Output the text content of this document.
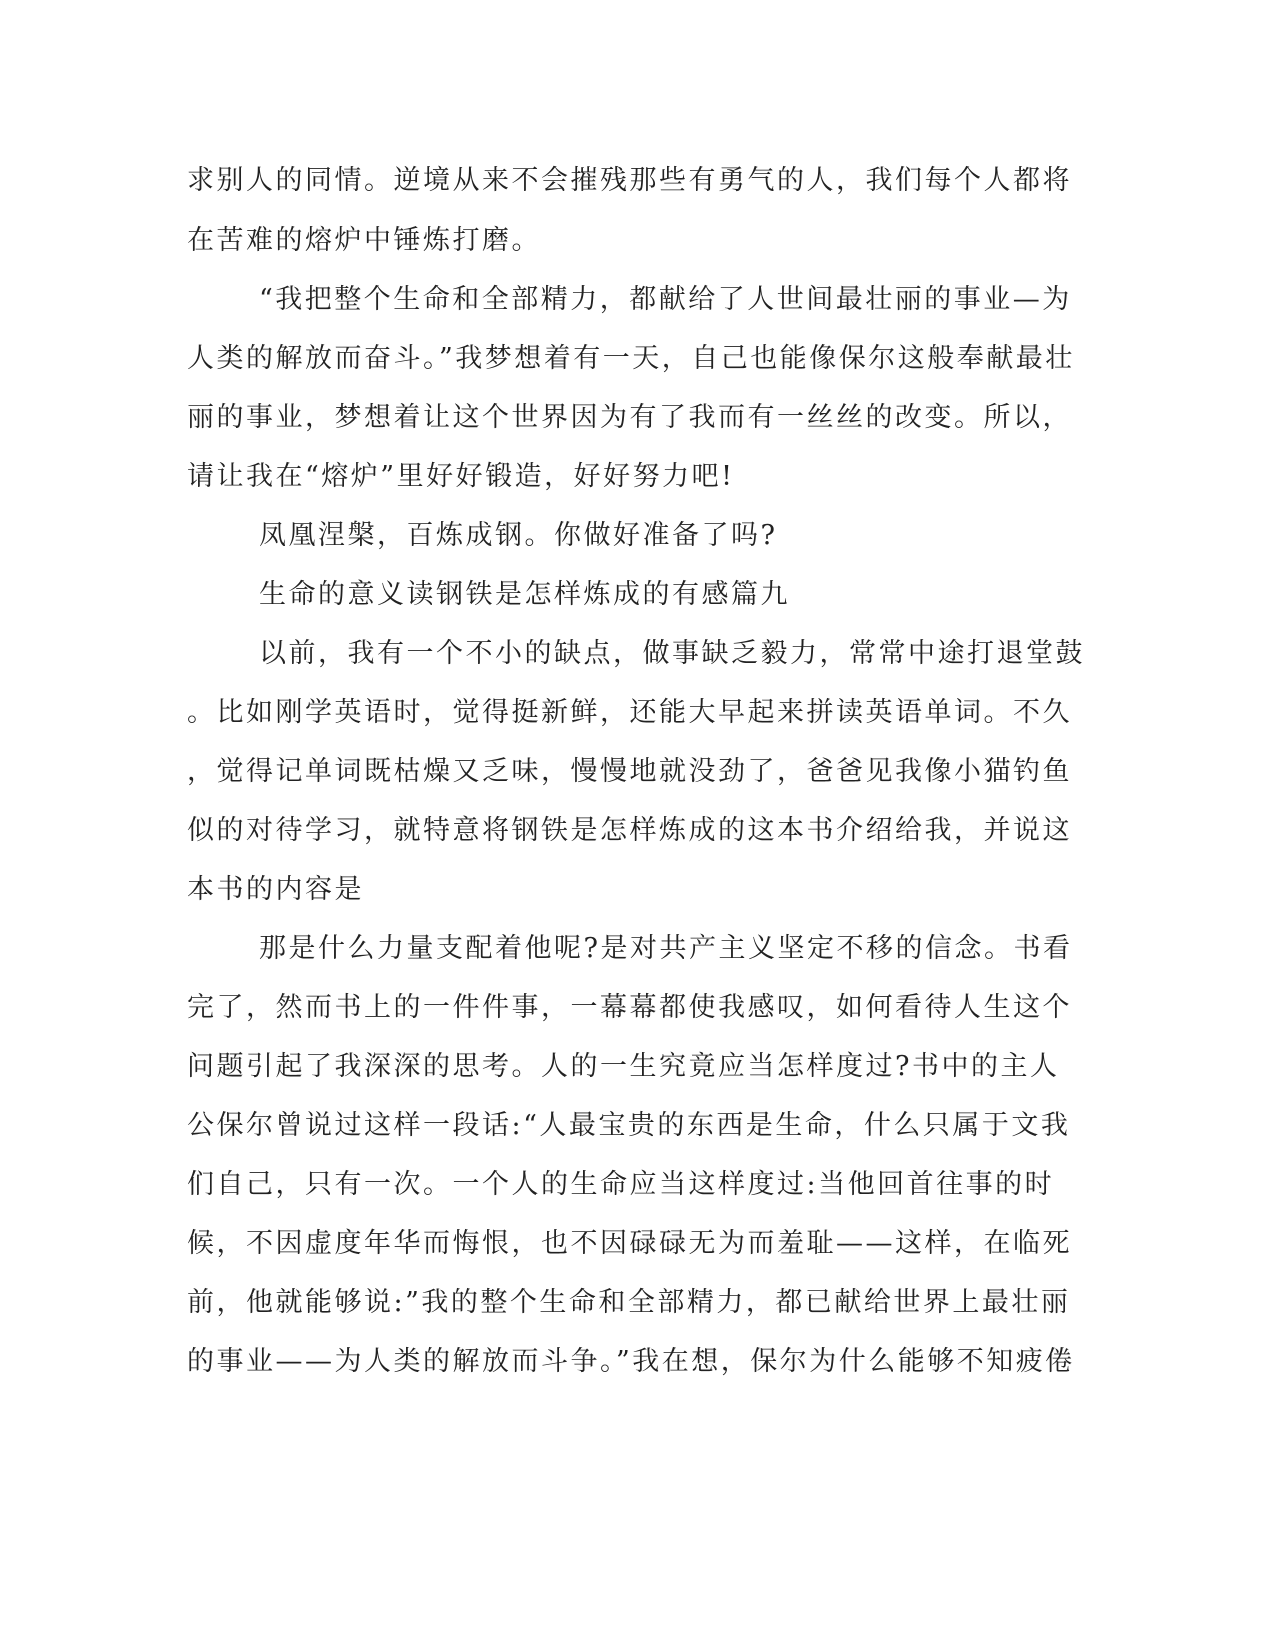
求别人的同情。逆境从来不会摧残那些有勇气的人，我们每个人都将
在苦难的熔炉中锤炼打磨。
“我把整个生命和全部精力，都献给了人世间最壮丽的事业—为
人类的解放而奋斗。”我梦想着有一天，自己也能像保尔这般奉献最壮
丽的事业，梦想着让这个世界因为有了我而有一丝丝的改变。所以，
请让我在“熔炉”里好好锻造，好好努力吧!
凤凰涅槃，百炼成钢。你做好准备了吗?
生命的意义读钢铁是怎样炼成的有感篇九
以前，我有一个不小的缺点，做事缺乏毅力，常常中途打退堂鼓
。比如刚学英语时，觉得挺新鲜，还能大早起来拼读英语单词。不久
，觉得记单词既枯燥又乏味，慢慢地就没劲了，爸爸见我像小猫钓鱼
似的对待学习，就特意将钢铁是怎样炼成的这本书介绍给我，并说这
本书的内容是
那是什么力量支配着他呢?是对共产主义坚定不移的信念。书看
完了，然而书上的一件件事，一幕幕都使我感叹，如何看待人生这个
问题引起了我深深的思考。人的一生究竟应当怎样度过?书中的主人
公保尔曾说过这样一段话:“人最宝贵的东西是生命，什么只属于文我
们自己，只有一次。一个人的生命应当这样度过:当他回首往事的时
候，不因虚度年华而悔恨，也不因碌碌无为而羞耻——这样，在临死
前，他就能够说:”我的整个生命和全部精力，都已献给世界上最壮丽
的事业——为人类的解放而斗争。”我在想，保尔为什么能够不知疲倦
